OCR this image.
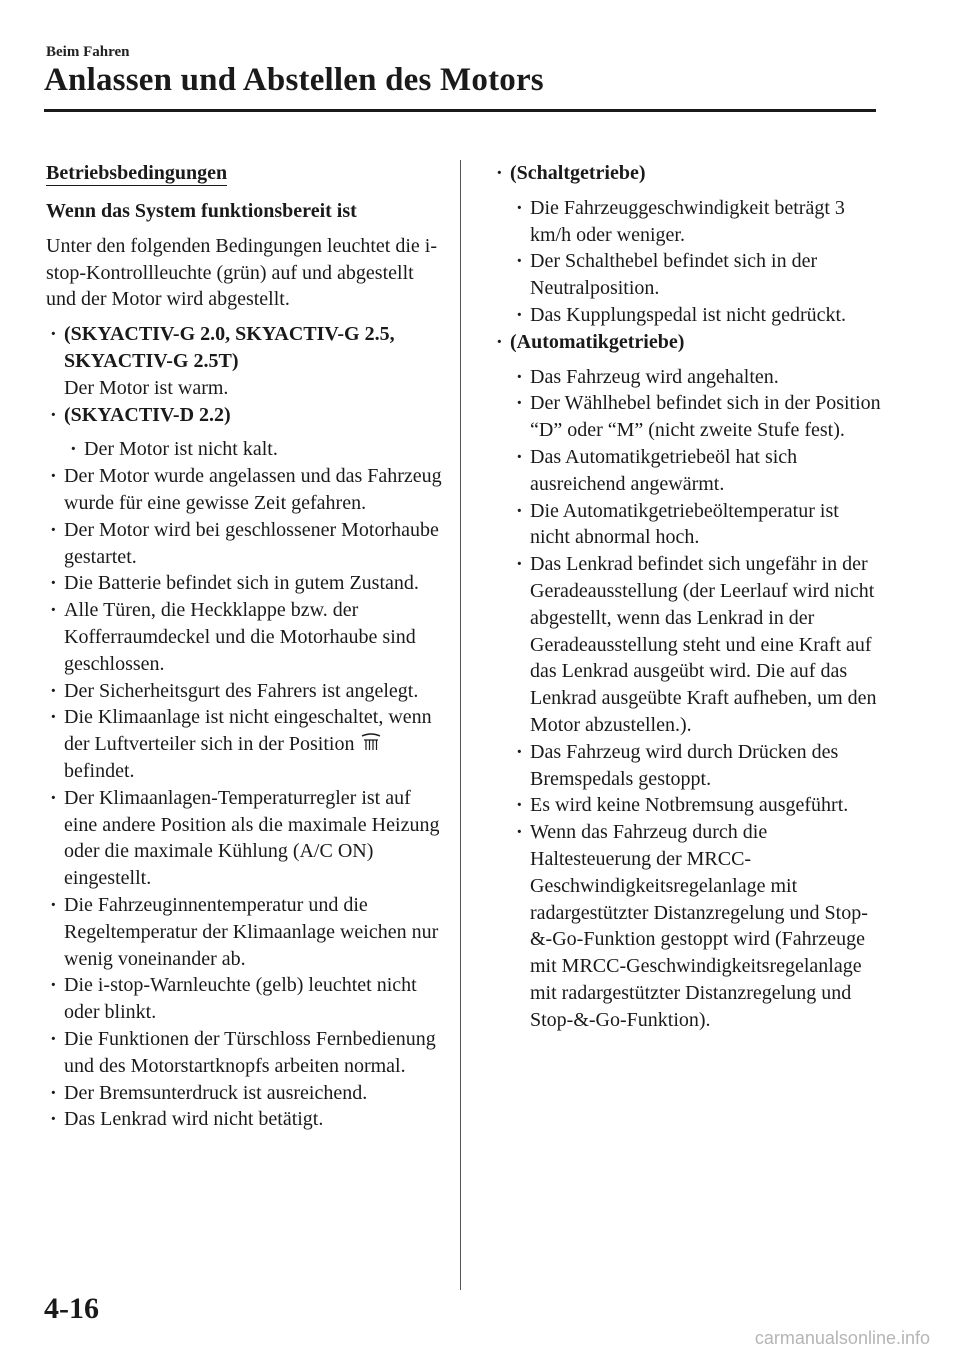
Beim Fahren
Anlassen und Abstellen des Motors
Betriebsbedingungen
Wenn das System funktionsbereit ist

Unter den folgenden Bedingungen leuchtet die i-stop-Kontrollleuchte (grün) auf und abgestellt und der Motor wird abgestellt.

· (SKYACTIV-G 2.0, SKYACTIV-G 2.5, SKYACTIV-G 2.5T)
Der Motor ist warm.
· (SKYACTIV-D 2.2)
· Der Motor ist nicht kalt.
· Der Motor wurde angelassen und das Fahrzeug wurde für eine gewisse Zeit gefahren.
· Der Motor wird bei geschlossener Motorhaube gestartet.
· Die Batterie befindet sich in gutem Zustand.
· Alle Türen, die Heckklappe bzw. der Kofferraumdeckel und die Motorhaube sind geschlossen.
· Der Sicherheitsgurt des Fahrers ist angelegt.
· Die Klimaanlage ist nicht eingeschaltet, wenn der Luftverteiler sich in der Position  befindet.
· Der Klimaanlagen-Temperaturregler ist auf eine andere Position als die maximale Heizung oder die maximale Kühlung (A/C ON) eingestellt.
· Die Fahrzeuginnentemperatur und die Regeltemperatur der Klimaanlage weichen nur wenig voneinander ab.
· Die i-stop-Warnleuchte (gelb) leuchtet nicht oder blinkt.
· Die Funktionen der Türschloss Fernbedienung und des Motorstartknopfs arbeiten normal.
· Der Bremsunterdruck ist ausreichend.
· Das Lenkrad wird nicht betätigt.
· (Schaltgetriebe)
· Die Fahrzeuggeschwindigkeit beträgt 3 km/h oder weniger.
· Der Schalthebel befindet sich in der Neutralposition.
· Das Kupplungspedal ist nicht gedrückt.
· (Automatikgetriebe)
· Das Fahrzeug wird angehalten.
· Der Wählhebel befindet sich in der Position “D” oder “M” (nicht zweite Stufe fest).
· Das Automatikgetriebeöl hat sich ausreichend angewärmt.
· Die Automatikgetriebeöltemperatur ist nicht abnormal hoch.
· Das Lenkrad befindet sich ungefähr in der Geradeausstellung (der Leerlauf wird nicht abgestellt, wenn das Lenkrad in der Geradeausstellung steht und eine Kraft auf das Lenkrad ausgeübt wird. Die auf das Lenkrad ausgeübte Kraft aufheben, um den Motor abzustellen.).
· Das Fahrzeug wird durch Drücken des Bremspedals gestoppt.
· Es wird keine Notbremsung ausgeführt.
· Wenn das Fahrzeug durch die Haltesteuerung der MRCC-Geschwindigkeitsregelanlage mit radargestützter Distanzregelung und Stop-&-Go-Funktion gestoppt wird (Fahrzeuge mit MRCC-Geschwindigkeitsregelanlage mit radargestützter Distanzregelung und Stop-&-Go-Funktion).
4-16
carmanualsonline.info
